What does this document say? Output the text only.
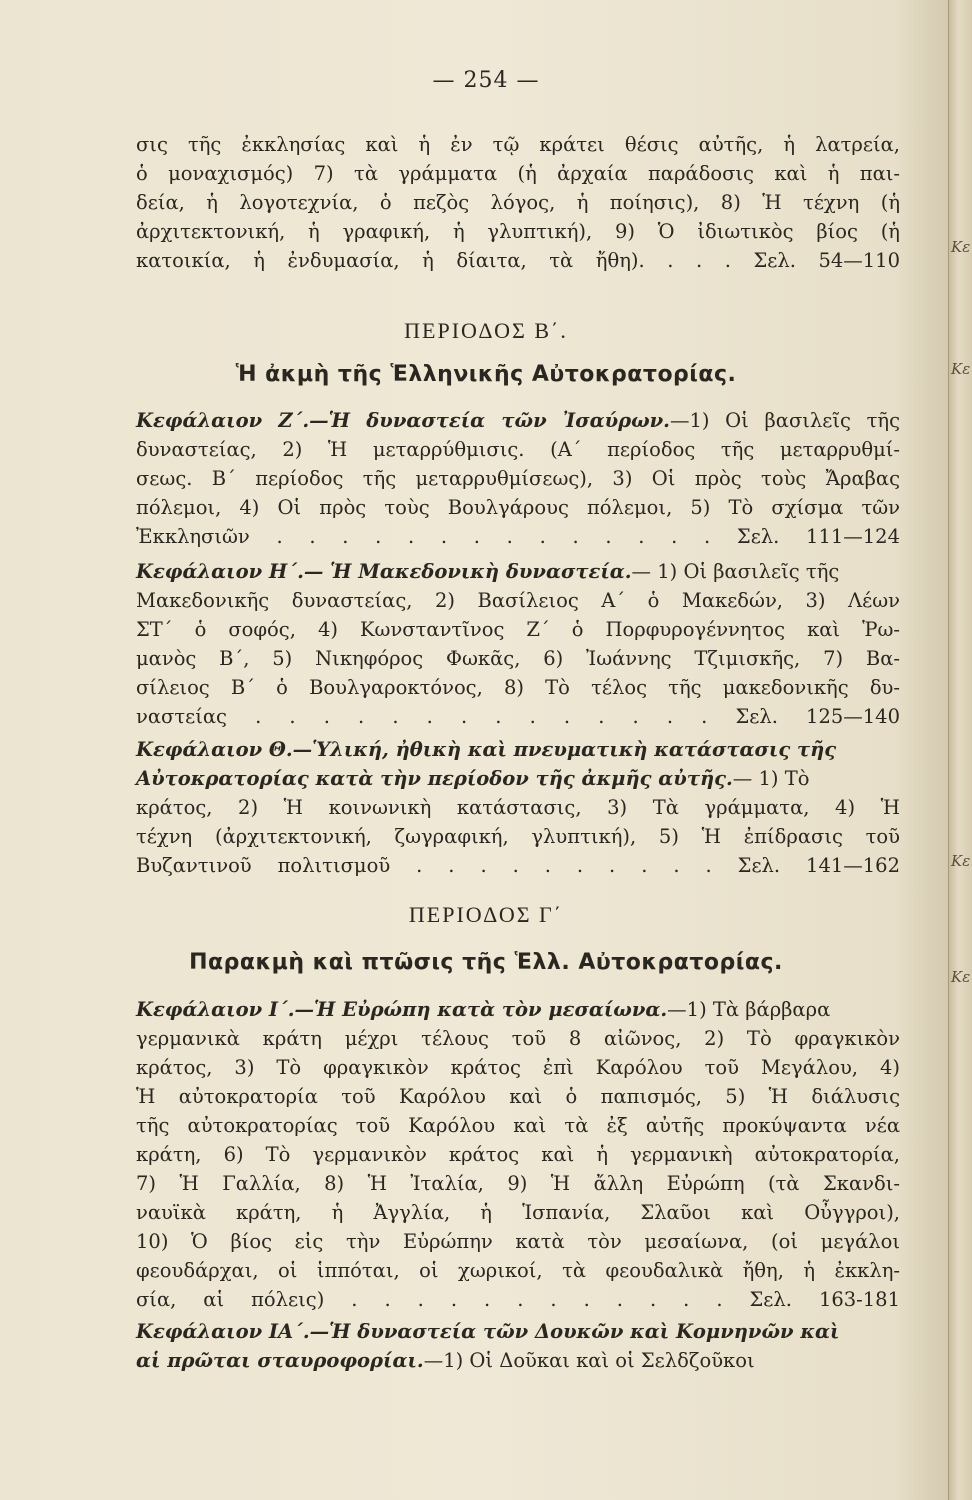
Κε
Κε
Κε
Κε
— 254 —
σις τῆς ἐκκλησίας καὶ ἡ ἐν τῷ κράτει θέσις αὐτῆς, ἡ λατρεία,
ὁ μοναχισμός) 7) τὰ γράμματα (ἡ ἀρχαία παράδοσις καὶ ἡ παι-
δεία, ἡ λογοτεχνία, ὁ πεζὸς λόγος, ἡ ποίησις), 8) Ἡ τέχνη (ἡ
ἀρχιτεκτονική, ἡ γραφική, ἡ γλυπτική), 9) Ὁ ἰδιωτικὸς βίος (ἡ
κατοικία, ἡ ἐνδυμασία, ἡ δίαιτα, τὰ ἤθη). . . . Σελ. 54—110
ΠΕΡΙΟΔΟΣ Β΄.
Ἡ ἀκμὴ τῆς Ἑλληνικῆς Αὐτοκρατορίας.
Κεφάλαιον Ζ΄.—Ἡ δυναστεία τῶν Ἰσαύρων.—1) Οἱ βασιλεῖς τῆς
δυναστείας, 2) Ἡ μεταρρύθμισις. (Α΄ περίοδος τῆς μεταρρυθμί-
σεως. Β΄ περίοδος τῆς μεταρρυθμίσεως), 3) Οἱ πρὸς τοὺς Ἄραβας
πόλεμοι, 4) Οἱ πρὸς τοὺς Βουλγάρους πόλεμοι, 5) Τὸ σχίσμα τῶν
Ἐκκλησιῶν . . . . . . . . . . . . . . Σελ. 111—124
Κεφάλαιον Η΄.— Ἡ Μακεδονικὴ δυναστεία.— 1) Οἱ βασιλεῖς τῆς
Μακεδονικῆς δυναστείας, 2) Βασίλειος Α΄ ὁ Μακεδών, 3) Λέων
ΣΤ΄ ὁ σοφός, 4) Κωνσταντῖνος Ζ΄ ὁ Πορφυρογέννητος καὶ Ῥω-
μανὸς Β΄, 5) Νικηφόρος Φωκᾶς, 6) Ἰωάννης Τζιμισκῆς, 7) Βα-
σίλειος Β΄ ὁ Βουλγαροκτόνος, 8) Τὸ τέλος τῆς μακεδονικῆς δυ-
ναστείας . . . . . . . . . . . . . . Σελ. 125—140
Κεφάλαιον Θ.—Ὑλική, ἠθικὴ καὶ πνευματικὴ κατάστασις τῆς
Αὐτοκρατορίας κατὰ τὴν περίοδον τῆς ἀκμῆς αὐτῆς.— 1) Τὸ
κράτος, 2) Ἡ κοινωνικὴ κατάστασις, 3) Τὰ γράμματα, 4) Ἡ
τέχνη (ἀρχιτεκτονική, ζωγραφική, γλυπτική), 5) Ἡ ἐπίδρασις τοῦ
Βυζαντινοῦ πολιτισμοῦ . . . . . . . . . . Σελ. 141—162
ΠΕΡΙΟΔΟΣ Γ΄
Παρακμὴ καὶ πτῶσις τῆς Ἑλλ. Αὐτοκρατορίας.
Κεφάλαιον Ι΄.—Ἡ Εὐρώπη κατὰ τὸν μεσαίωνα.—1) Τὰ βάρβαρα
γερμανικὰ κράτη μέχρι τέλους τοῦ 8 αἰῶνος, 2) Τὸ φραγκικὸν
κράτος, 3) Τὸ φραγκικὸν κράτος ἐπὶ Καρόλου τοῦ Μεγάλου, 4)
Ἡ αὐτοκρατορία τοῦ Καρόλου καὶ ὁ παπισμός, 5) Ἡ διάλυσις
τῆς αὐτοκρατορίας τοῦ Καρόλου καὶ τὰ ἐξ αὐτῆς προκύψαντα νέα
κράτη, 6) Τὸ γερμανικὸν κράτος καὶ ἡ γερμανικὴ αὐτοκρατορία,
7) Ἡ Γαλλία, 8) Ἡ Ἰταλία, 9) Ἡ ἄλλη Εὐρώπη (τὰ Σκανδι-
ναυϊκὰ κράτη, ἡ Ἀγγλία, ἡ Ἱσπανία, Σλαῦοι καὶ Οὖγγροι),
10) Ὁ βίος εἰς τὴν Εὐρώπην κατὰ τὸν μεσαίωνα, (οἱ μεγάλοι
φεουδάρχαι, οἱ ἱππόται, οἱ χωρικοί, τὰ φεουδαλικὰ ἤθη, ἡ ἐκκλη-
σία, αἱ πόλεις) . . . . . . . . . . . . Σελ. 163-181
Κεφάλαιον ΙΑ΄.—Ἡ δυναστεία τῶν Δουκῶν καὶ Κομνηνῶν καὶ
αἱ πρῶται σταυροφορίαι.—1) Οἱ Δοῦκαι καὶ οἱ Σελδζοῦκοι
